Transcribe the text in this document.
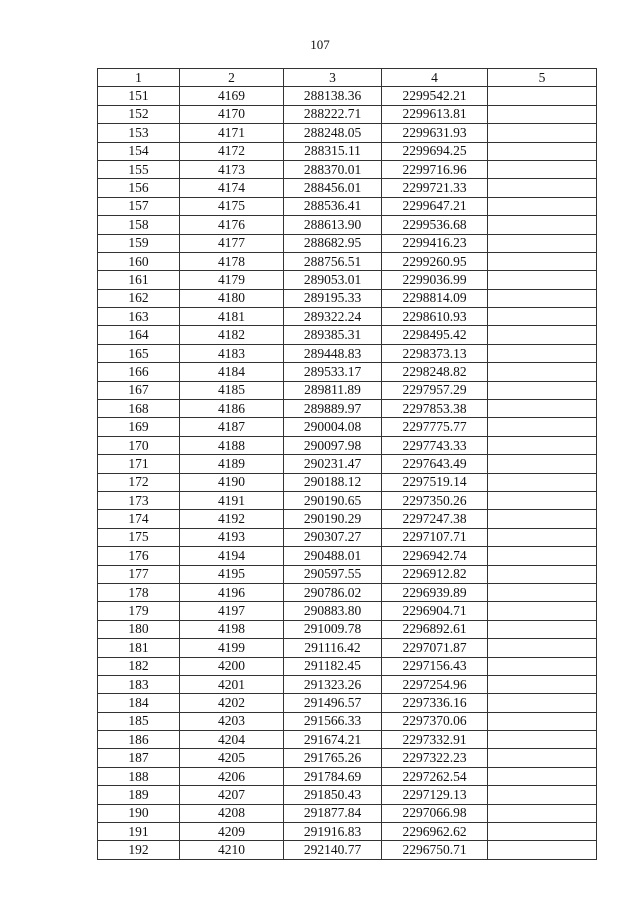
107
1	2	3	4	5
151	4169	288138.36	2299542.21	
152	4170	288222.71	2299613.81	
153	4171	288248.05	2299631.93	
154	4172	288315.11	2299694.25	
155	4173	288370.01	2299716.96	
156	4174	288456.01	2299721.33	
157	4175	288536.41	2299647.21	
158	4176	288613.90	2299536.68	
159	4177	288682.95	2299416.23	
160	4178	288756.51	2299260.95	
161	4179	289053.01	2299036.99	
162	4180	289195.33	2298814.09	
163	4181	289322.24	2298610.93	
164	4182	289385.31	2298495.42	
165	4183	289448.83	2298373.13	
166	4184	289533.17	2298248.82	
167	4185	289811.89	2297957.29	
168	4186	289889.97	2297853.38	
169	4187	290004.08	2297775.77	
170	4188	290097.98	2297743.33	
171	4189	290231.47	2297643.49	
172	4190	290188.12	2297519.14	
173	4191	290190.65	2297350.26	
174	4192	290190.29	2297247.38	
175	4193	290307.27	2297107.71	
176	4194	290488.01	2296942.74	
177	4195	290597.55	2296912.82	
178	4196	290786.02	2296939.89	
179	4197	290883.80	2296904.71	
180	4198	291009.78	2296892.61	
181	4199	291116.42	2297071.87	
182	4200	291182.45	2297156.43	
183	4201	291323.26	2297254.96	
184	4202	291496.57	2297336.16	
185	4203	291566.33	2297370.06	
186	4204	291674.21	2297332.91	
187	4205	291765.26	2297322.23	
188	4206	291784.69	2297262.54	
189	4207	291850.43	2297129.13	
190	4208	291877.84	2297066.98	
191	4209	291916.83	2296962.62	
192	4210	292140.77	2296750.71	
